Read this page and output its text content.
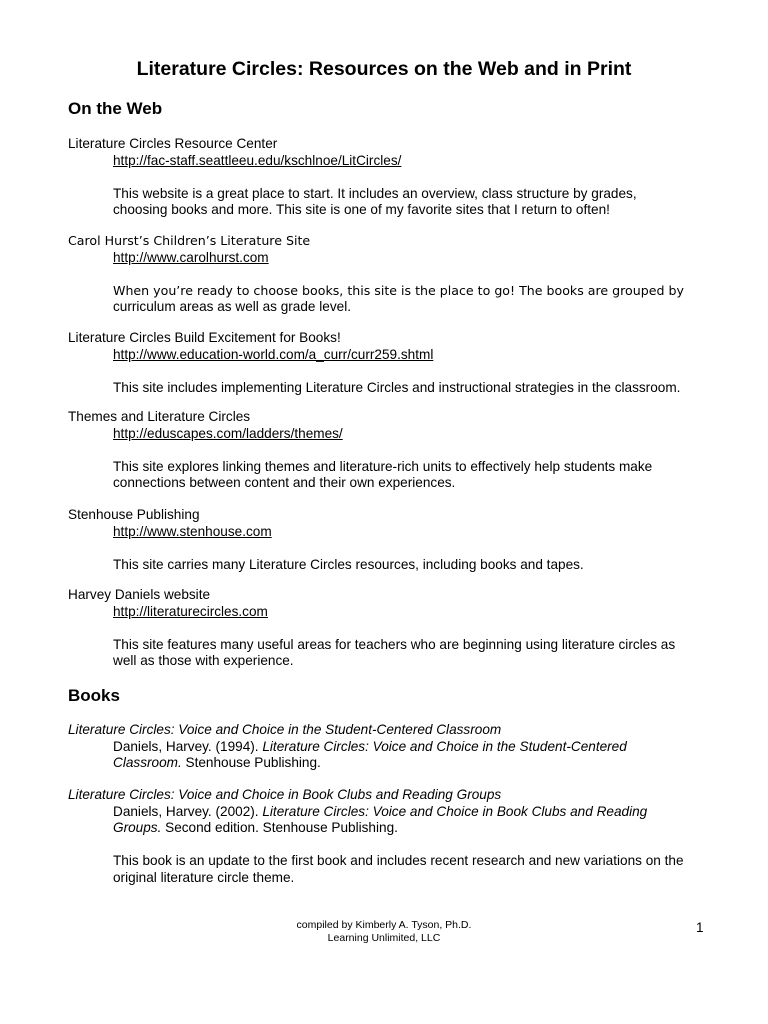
Literature Circles: Resources on the Web and in Print
On the Web
Literature Circles Resource Center
http://fac-staff.seattleeu.edu/kschlnoe/LitCircles/
This website is a great place to start. It includes an overview, class structure by grades,
choosing books and more. This site is one of my favorite sites that I return to often!
Carol Hurst’s Children’s Literature Site
http://www.carolhurst.com
When you’re ready to choose books, this site is the place to go! The books are grouped by
curriculum areas as well as grade level.
Literature Circles Build Excitement for Books!
http://www.education-world.com/a_curr/curr259.shtml
This site includes implementing Literature Circles and instructional strategies in the classroom.
Themes and Literature Circles
http://eduscapes.com/ladders/themes/
This site explores linking themes and literature-rich units to effectively help students make
connections between content and their own experiences.
Stenhouse Publishing
http://www.stenhouse.com
This site carries many Literature Circles resources, including books and tapes.
Harvey Daniels website
http://literaturecircles.com
This site features many useful areas for teachers who are beginning using literature circles as
well as those with experience.
Books
Literature Circles: Voice and Choice in the Student-Centered Classroom
Daniels, Harvey. (1994). Literature Circles: Voice and Choice in the Student-Centered
Classroom. Stenhouse Publishing.
Literature Circles: Voice and Choice in Book Clubs and Reading Groups
Daniels, Harvey. (2002). Literature Circles: Voice and Choice in Book Clubs and Reading
Groups. Second edition. Stenhouse Publishing.
This book is an update to the first book and includes recent research and new variations on the
original literature circle theme.
compiled by Kimberly A. Tyson, Ph.D.
Learning Unlimited, LLC
1
